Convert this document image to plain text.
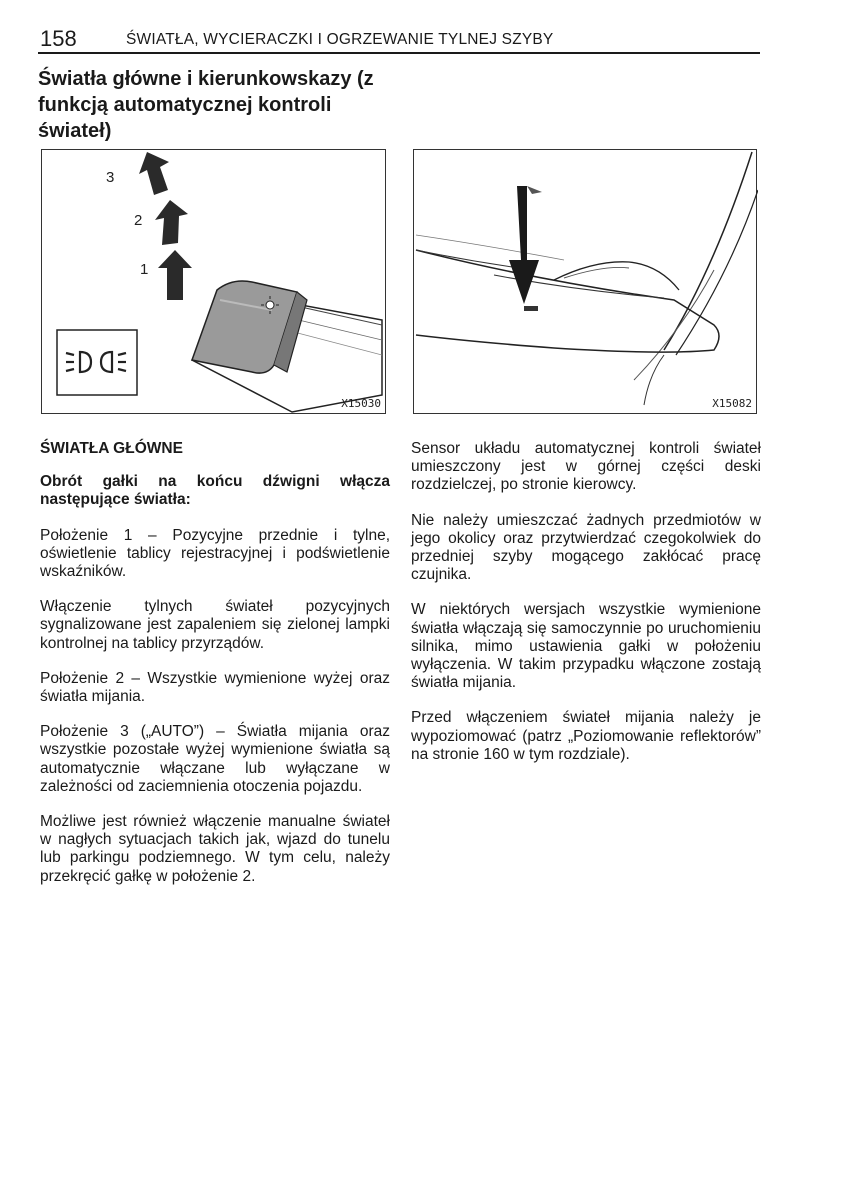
158	ŚWIATŁA, WYCIERACZKI I OGRZEWANIE TYLNEJ SZYBY
Światła główne i kierunkowskazy (z funkcją automatycznej kontroli świateł)
3
2
1
X15030	X15082
ŚWIATŁA GŁÓWNE

Obrót gałki na końcu dźwigni włącza następujące światła:

Położenie 1 – Pozycyjne przednie i tylne, oświetlenie tablicy rejestracyjnej i podświetlenie wskaźników.

Włączenie tylnych świateł pozycyjnych sygnalizowane jest zapaleniem się zielonej lampki kontrolnej na tablicy przyrządów.

Położenie 2 – Wszystkie wymienione wyżej oraz światła mijania.

Położenie 3 („AUTO”) – Światła mijania oraz wszystkie pozostałe wyżej wymienione światła są automatycznie włączane lub wyłączane w zależności od zaciemnienia otoczenia pojazdu.

Możliwe jest również włączenie manualne świateł w nagłych sytuacjach takich jak, wjazd do tunelu lub parkingu podziemnego. W tym celu, należy przekręcić gałkę w położenie 2.

Sensor układu automatycznej kontroli świateł umieszczony jest w górnej części deski rozdzielczej, po stronie kierowcy.

Nie należy umieszczać żadnych przedmiotów w jego okolicy oraz przytwierdzać czegokolwiek do przedniej szyby mogącego zakłócać pracę czujnika.

W niektórych wersjach wszystkie wymienione światła włączają się samoczynnie po uruchomieniu silnika, mimo ustawienia gałki w położeniu wyłączenia. W takim przypadku włączone zostają światła mijania.

Przed włączeniem świateł mijania należy je wypoziomować (patrz „Poziomowanie reflektorów” na stronie 160 w tym rozdziale).
